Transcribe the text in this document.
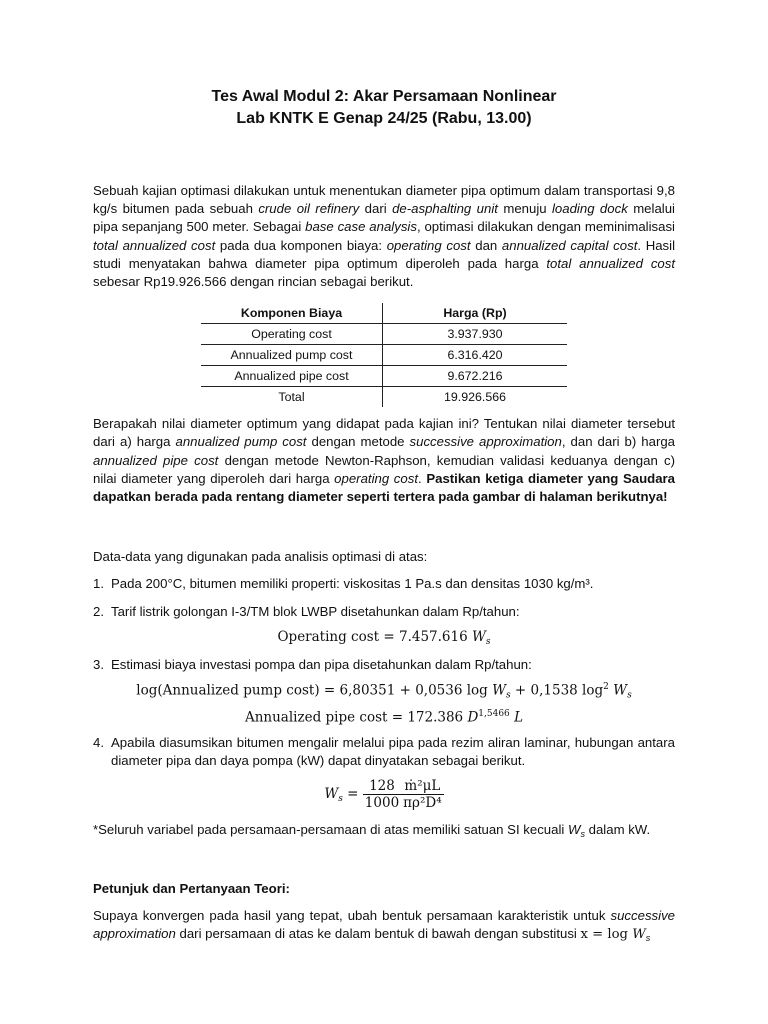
Tes Awal Modul 2: Akar Persamaan Nonlinear
Lab KNTK E Genap 24/25 (Rabu, 13.00)

Sebuah kajian optimasi dilakukan untuk menentukan diameter pipa optimum dalam transportasi 9,8 kg/s bitumen pada sebuah crude oil refinery dari de-asphalting unit menuju loading dock melalui pipa sepanjang 500 meter. Sebagai base case analysis, optimasi dilakukan dengan meminimalisasi total annualized cost pada dua komponen biaya: operating cost dan annualized capital cost. Hasil studi menyatakan bahwa diameter pipa optimum diperoleh pada harga total annualized cost sebesar Rp19.926.566 dengan rincian sebagai berikut.

Komponen Biaya	Harga (Rp)
Operating cost	3.937.930
Annualized pump cost	6.316.420
Annualized pipe cost	9.672.216
Total	19.926.566

Berapakah nilai diameter optimum yang didapat pada kajian ini? Tentukan nilai diameter tersebut dari a) harga annualized pump cost dengan metode successive approximation, dan dari b) harga annualized pipe cost dengan metode Newton-Raphson, kemudian validasi keduanya dengan c) nilai diameter yang diperoleh dari harga operating cost. Pastikan ketiga diameter yang Saudara dapatkan berada pada rentang diameter seperti tertera pada gambar di halaman berikutnya!

Data-data yang digunakan pada analisis optimasi di atas:

1. Pada 200°C, bitumen memiliki properti: viskositas 1 Pa.s dan densitas 1030 kg/m³.
2. Tarif listrik golongan I-3/TM blok LWBP disetahunkan dalam Rp/tahun:
Operating cost = 7.457.616 $W_s$
3. Estimasi biaya investasi pompa dan pipa disetahunkan dalam Rp/tahun:
log(Annualized pump cost) = 6,80351 + 0,0536 $\log W_s + 0,1538$ $\log^2 W_s$
Annualized pipe cost = 172.386 $D^{1,5466}$ L
4. Apabila diasumsikan bitumen mengalir melalui pipa pada rezim aliran laminar, hubungan antara diameter pipa dan daya pompa (kW) dapat dinyatakan sebagai berikut.
$W_s = \frac{128}{1000} \frac{\text{ṁ²μL}}{\text{πρ²D⁴}}$

*Seluruh variabel pada persamaan-persamaan di atas memiliki satuan SI kecuali $W_s$ dalam kW.

Petunjuk dan Pertanyaan Teori:

Supaya konvergen pada hasil yang tepat, ubah bentuk persamaan karakteristik untuk successive approximation dari persamaan di atas ke dalam bentuk di bawah dengan substitusi $x = \log W_s$
